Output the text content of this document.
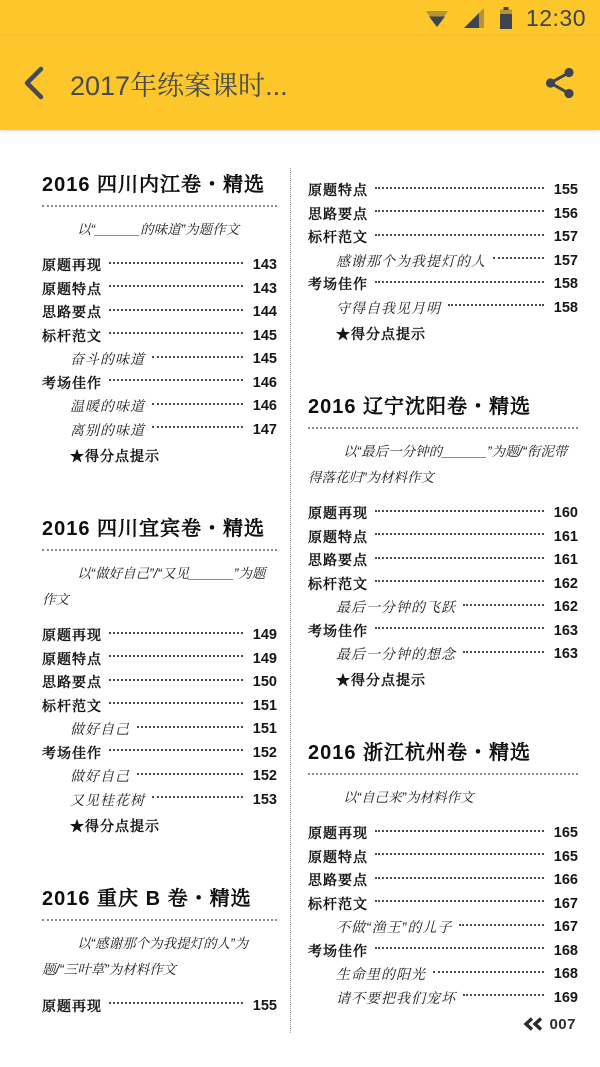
12:30
2017年练案课时...
2016 四川内江卷・精选

以“______的味道”为题作文

原题再现	143
原题特点	143
思路要点	144
标杆范文	145
奋斗的味道	145
考场佳作	146
温暖的味道	146
离别的味道	147
★得分点提示
2016 四川宜宾卷・精选

以“做好自己”/“又见______”为题作文

原题再现	149
原题特点	149
思路要点	150
标杆范文	151
做好自己	151
考场佳作	152
做好自己	152
又见桂花树	153
★得分点提示
2016 重庆 B 卷・精选

以“感谢那个为我提灯的人”为题/“三叶草”为材料作文

原题再现	155
原题特点	155
思路要点	156
标杆范文	157
感谢那个为我提灯的人	157
考场佳作	158
守得自我见月明	158
★得分点提示
2016 辽宁沈阳卷・精选

以“最后一分钟的______”为题/“衔泥带得落花归”为材料作文

原题再现	160
原题特点	161
思路要点	161
标杆范文	162
最后一分钟的飞跃	162
考场佳作	163
最后一分钟的想念	163
★得分点提示
2016 浙江杭州卷・精选

以“自己来”为材料作文

原题再现	165
原题特点	165
思路要点	166
标杆范文	167
不做“渔王”的儿子	167
考场佳作	168
生命里的阳光	168
请不要把我们宠坏	169
007
